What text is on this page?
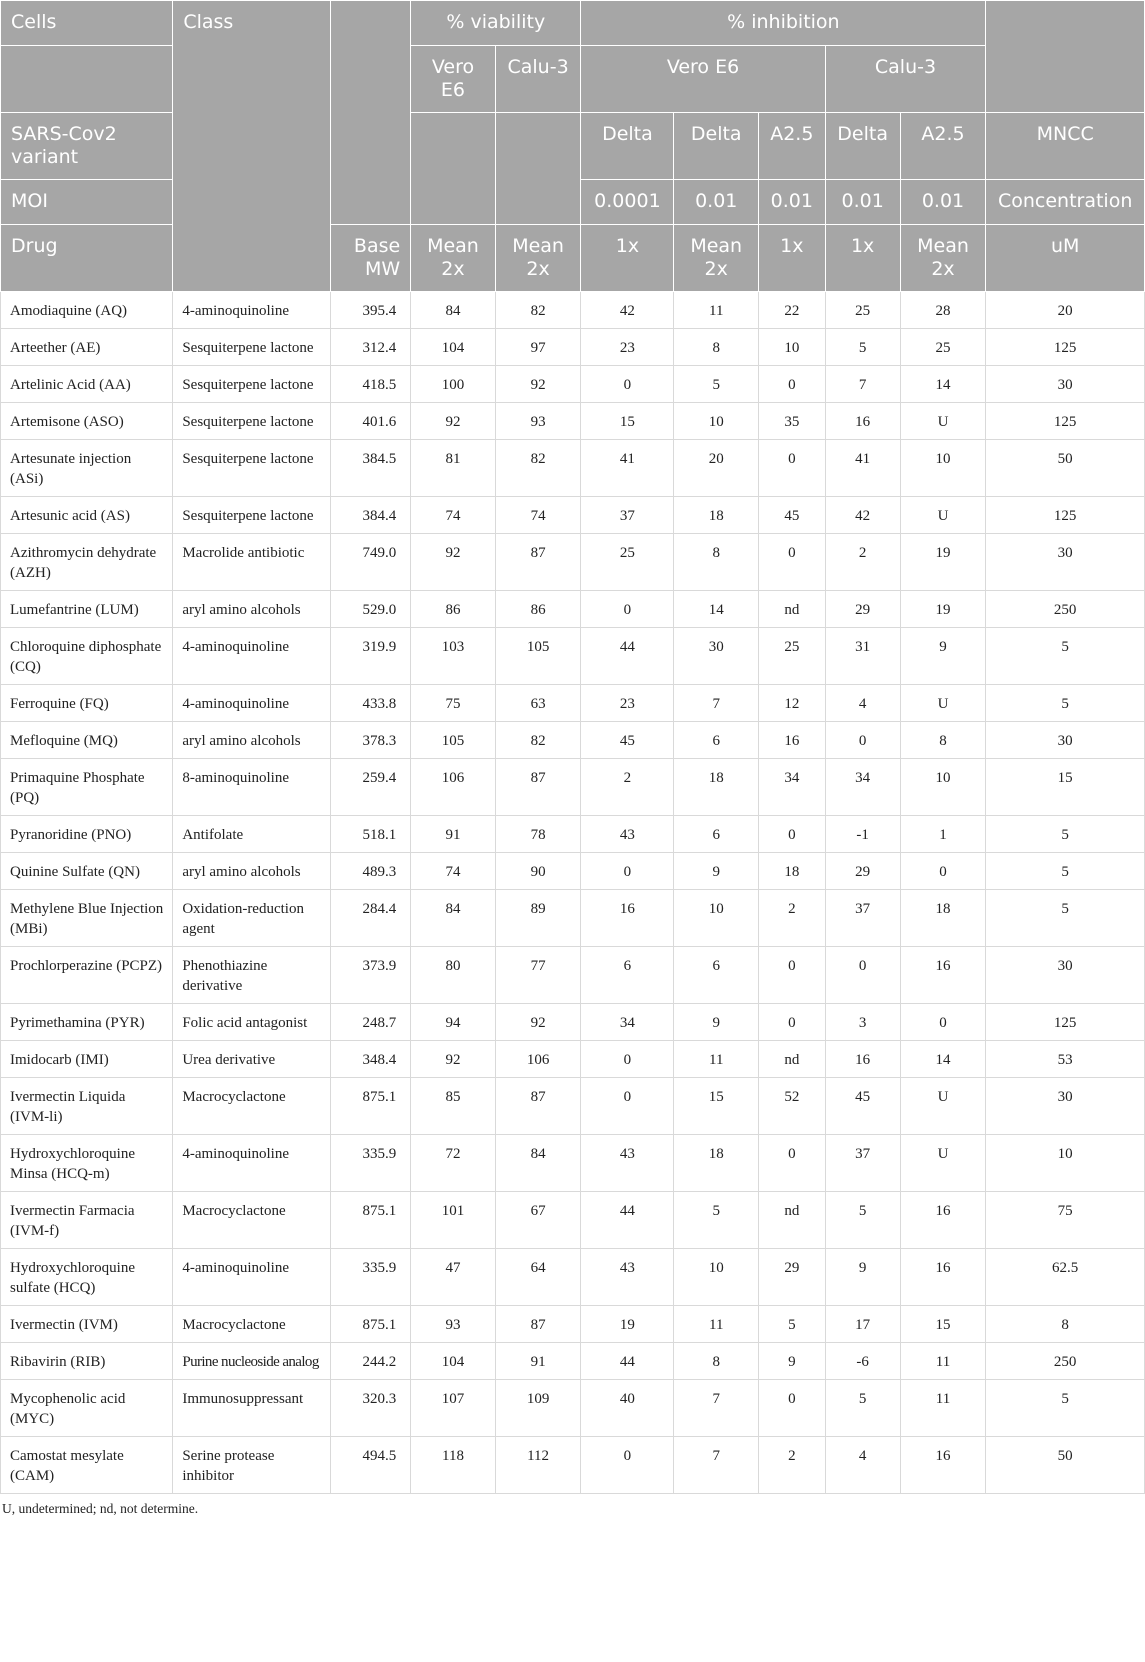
Cells	Class		% viability		% inhibition					
			Vero E6	Calu-3	Vero E6			Calu-3		
SARS-Cov2 variant					Delta	Delta	A2.5	Delta	A2.5	MNCC
MOI					0.0001	0.01	0.01	0.01	0.01	Concentration
Drug		Base MW	Mean 2x	Mean 2x	1x	Mean 2x	1x	1x	Mean 2x	uM
Amodiaquine (AQ)	4-aminoquinoline	395.4	84	82	42	11	22	25	28	20
Arteether (AE)	Sesquiterpene lactone	312.4	104	97	23	8	10	5	25	125
Artelinic Acid (AA)	Sesquiterpene lactone	418.5	100	92	0	5	0	7	14	30
Artemisone (ASO)	Sesquiterpene lactone	401.6	92	93	15	10	35	16	U	125
Artesunate injection (ASi)	Sesquiterpene lactone	384.5	81	82	41	20	0	41	10	50
Artesunic acid (AS)	Sesquiterpene lactone	384.4	74	74	37	18	45	42	U	125
Azithromycin dehydrate (AZH)	Macrolide antibiotic	749.0	92	87	25	8	0	2	19	30
Lumefantrine (LUM)	aryl amino alcohols	529.0	86	86	0	14	nd	29	19	250
Chloroquine diphosphate (CQ)	4-aminoquinoline	319.9	103	105	44	30	25	31	9	5
Ferroquine (FQ)	4-aminoquinoline	433.8	75	63	23	7	12	4	U	5
Mefloquine (MQ)	aryl amino alcohols	378.3	105	82	45	6	16	0	8	30
Primaquine Phosphate (PQ)	8-aminoquinoline	259.4	106	87	2	18	34	34	10	15
Pyranoridine (PNO)	Antifolate	518.1	91	78	43	6	0	-1	1	5
Quinine Sulfate (QN)	aryl amino alcohols	489.3	74	90	0	9	18	29	0	5
Methylene Blue Injection (MBi)	Oxidation-reduction agent	284.4	84	89	16	10	2	37	18	5
Prochlorperazine (PCPZ)	Phenothiazine derivative	373.9	80	77	6	6	0	0	16	30
Pyrimethamina (PYR)	Folic acid antagonist	248.7	94	92	34	9	0	3	0	125
Imidocarb (IMI)	Urea derivative	348.4	92	106	0	11	nd	16	14	53
Ivermectin Liquida (IVM-li)	Macrocyclactone	875.1	85	87	0	15	52	45	U	30
Hydroxychloroquine Minsa (HCQ-m)	4-aminoquinoline	335.9	72	84	43	18	0	37	U	10
Ivermectin Farmacia (IVM-f)	Macrocyclactone	875.1	101	67	44	5	nd	5	16	75
Hydroxychloroquine sulfate (HCQ)	4-aminoquinoline	335.9	47	64	43	10	29	9	16	62.5
Ivermectin (IVM)	Macrocyclactone	875.1	93	87	19	11	5	17	15	8
Ribavirin (RIB)	Purine nucleoside analog	244.2	104	91	44	8	9	-6	11	250
Mycophenolic acid (MYC)	Immunosuppressant	320.3	107	109	40	7	0	5	11	5
Camostat mesylate (CAM)	Serine protease inhibitor	494.5	118	112	0	7	2	4	16	50

U, undetermined; nd, not determine.
